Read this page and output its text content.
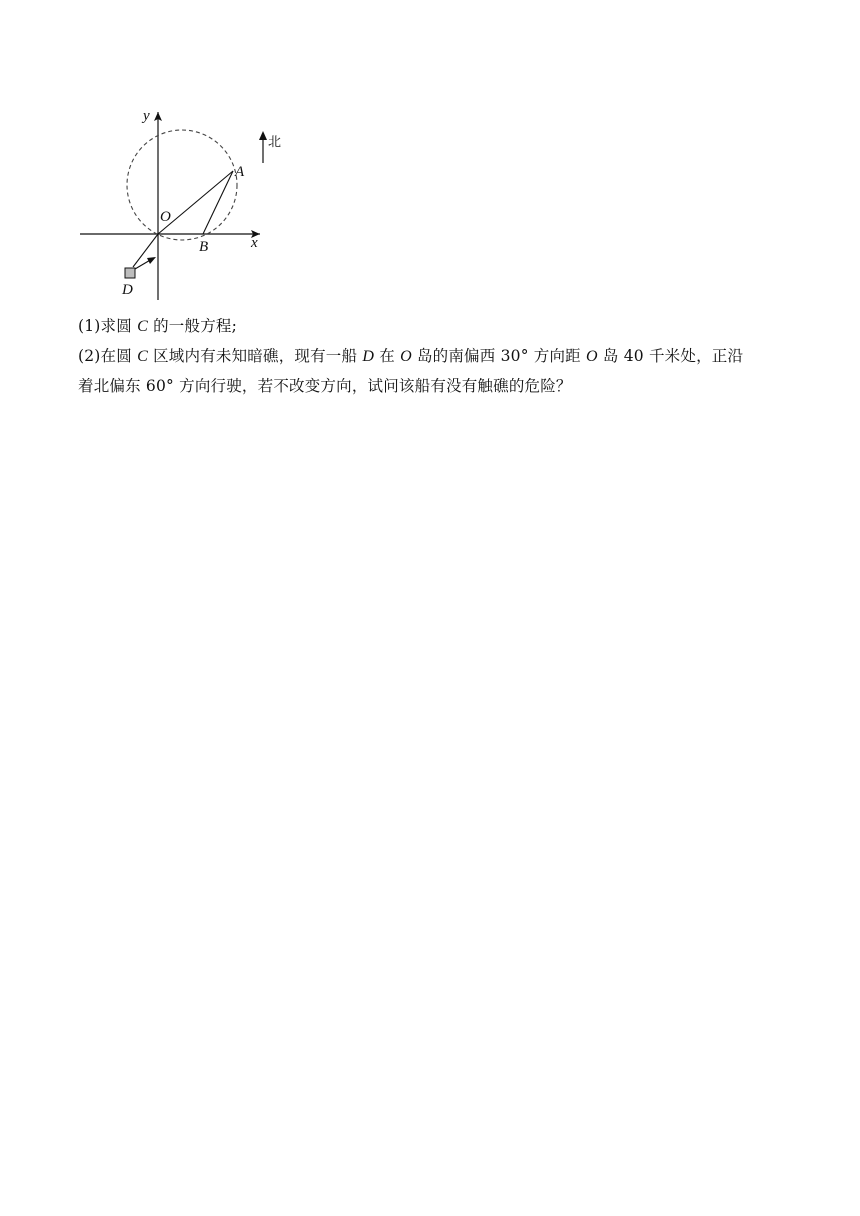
y
x
O
A
B
D
北
(1)求圆 C 的一般方程;
(2)在圆 C 区域内有未知暗礁，现有一船 D 在 O 岛的南偏西 30° 方向距 O 岛 40 千米处，正沿
着北偏东 60° 方向行驶，若不改变方向，试问该船有没有触礁的危险？
